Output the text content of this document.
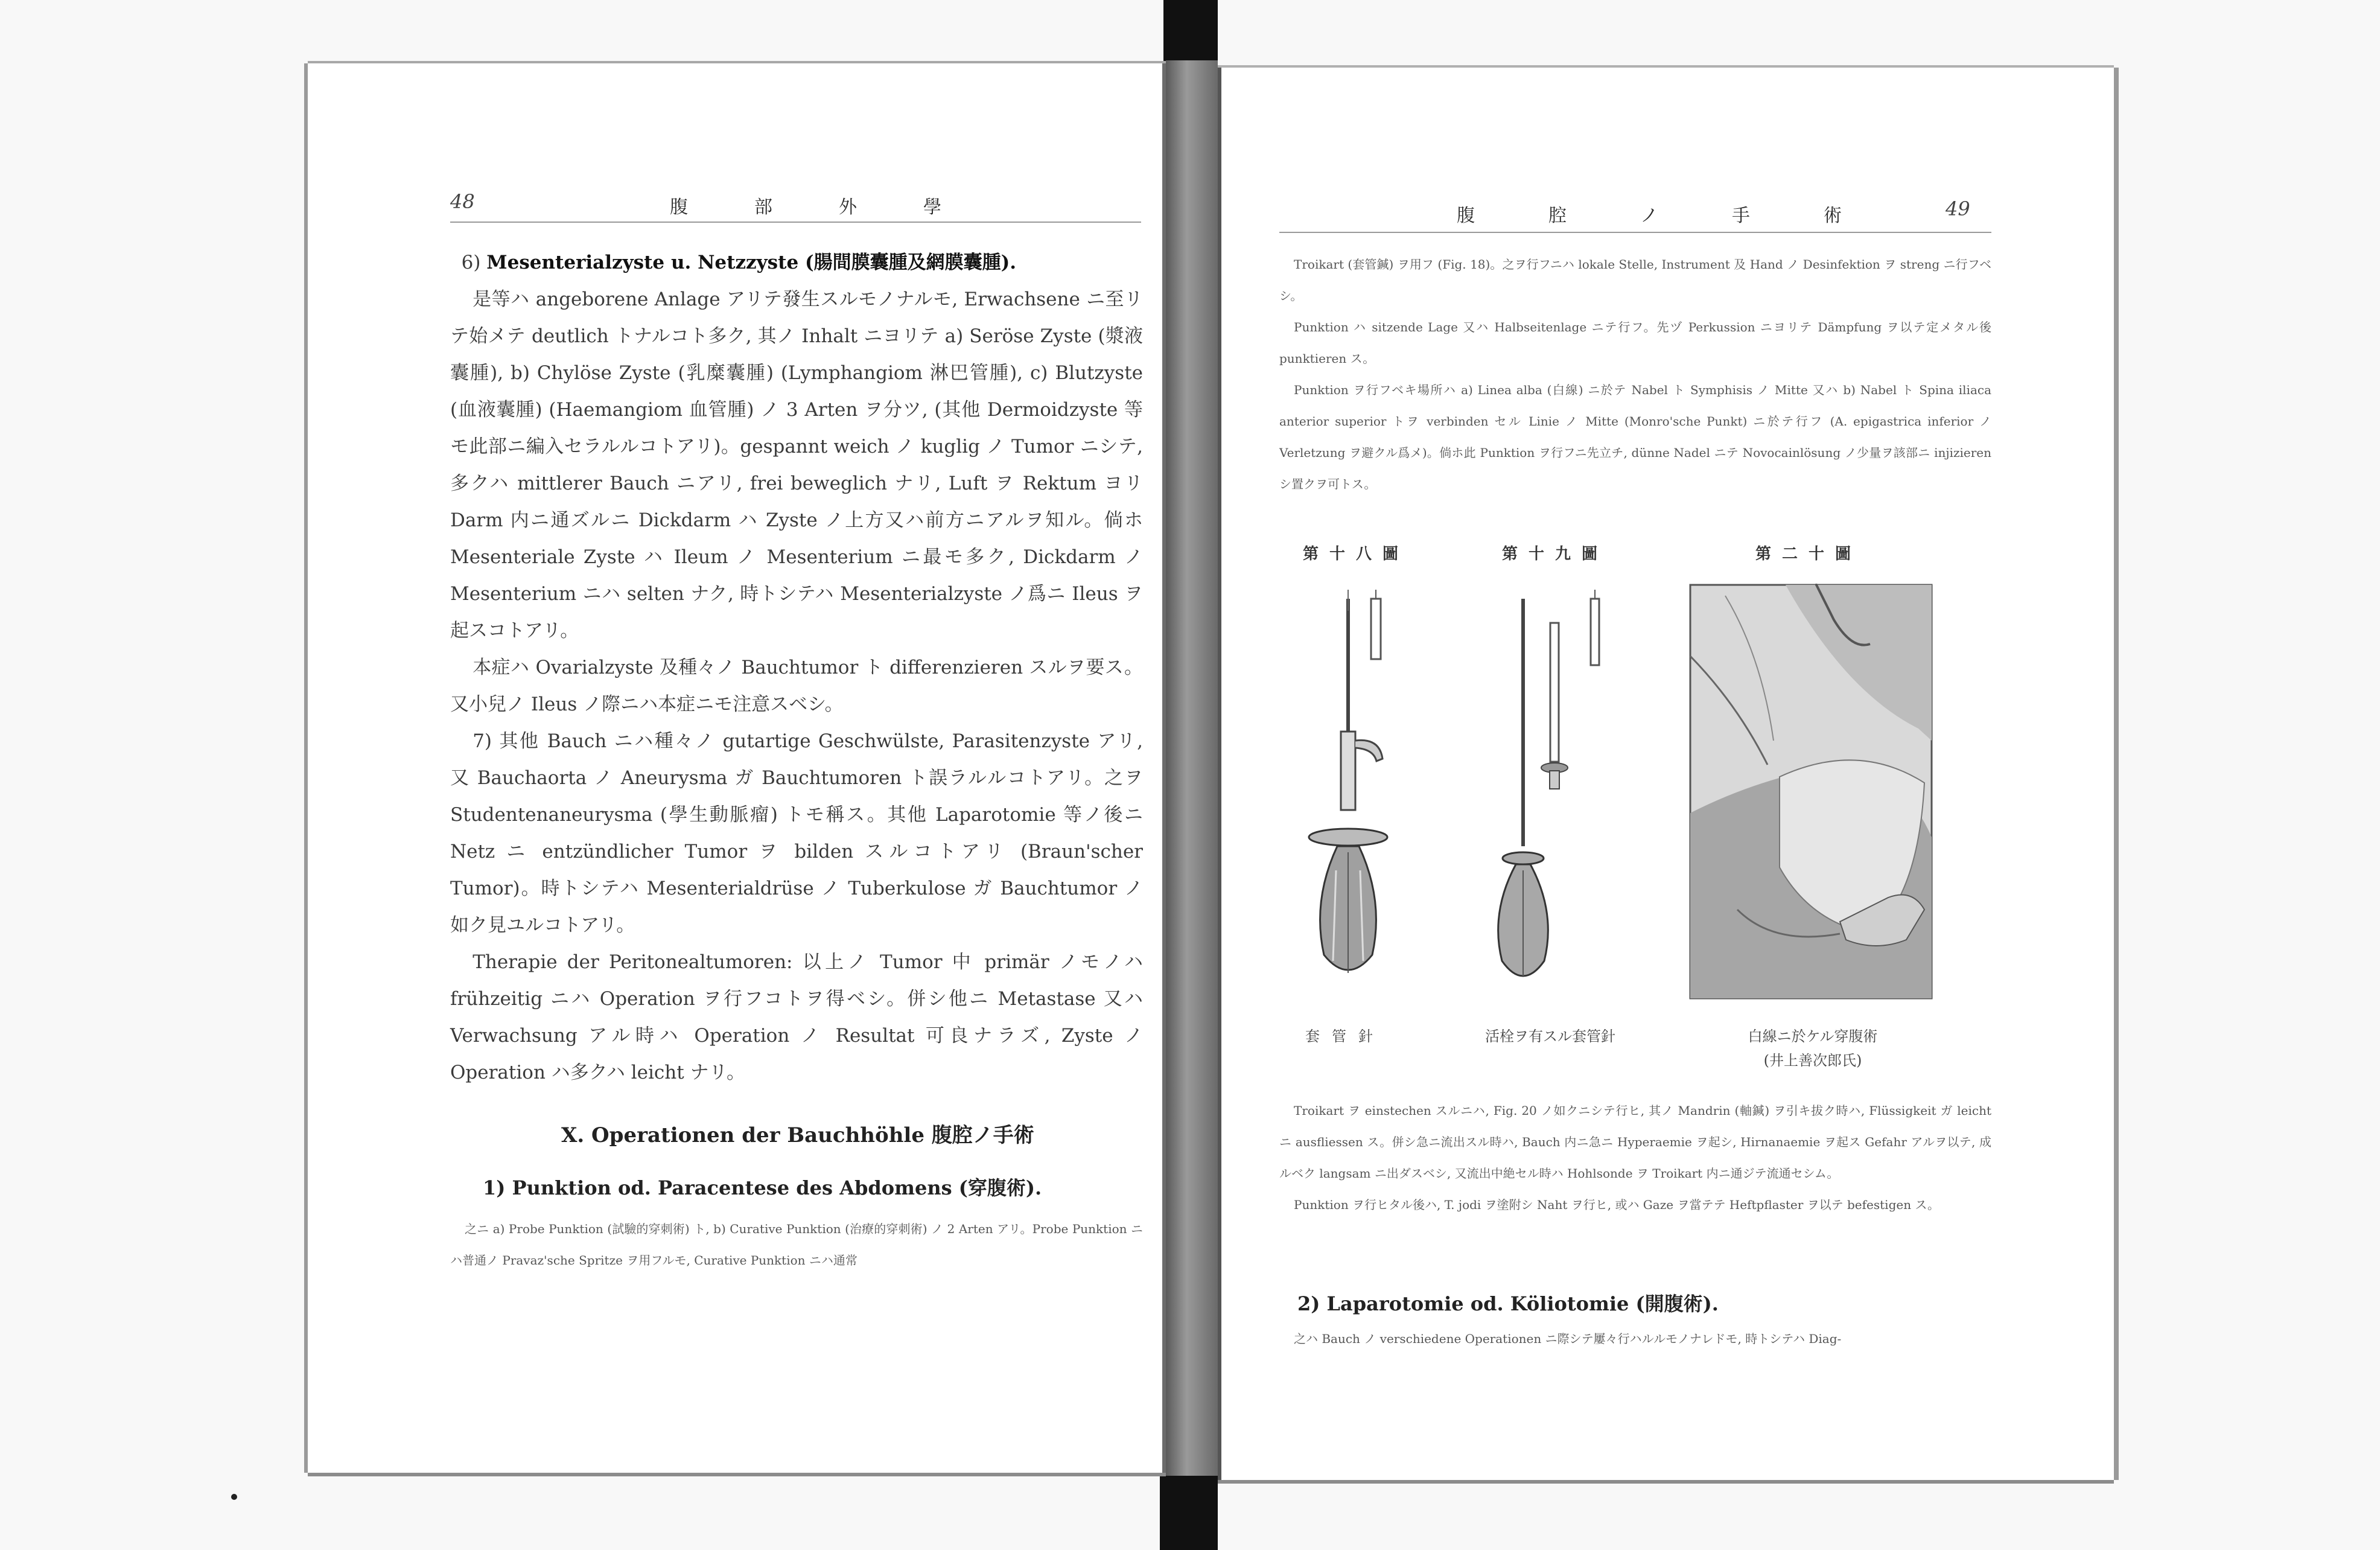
48	腹　部　外　學

6) Mesenterialzyste u. Netzzyste (腸間膜囊腫及網膜囊腫).

是等ハ angeborene Anlage アリテ發生スルモノナルモ, Erwachsene ニ至リテ始メテ deutlich トナルコト多ク, 其ノ Inhalt ニヨリテ a) Seröse Zyste (漿液囊腫), b) Chylöse Zyste (乳糜囊腫) (Lymphangiom 淋巴管腫), c) Blutzyste (血液囊腫) (Haemangiom 血管腫) ノ 3 Arten ヲ分ツ, (其他 Dermoidzyste 等モ此部ニ編入セラルルコトアリ)。gespannt weich ノ kuglig ノ Tumor ニシテ, 多クハ mittlerer Bauch ニアリ, frei beweglich ナリ, Luft ヲ Rektum ヨリ Darm 内ニ通ズルニ Dickdarm ハ Zyste ノ上方又ハ前方ニアルヲ知ル。倘ホ Mesenteriale Zyste ハ Ileum ノ Mesenterium ニ最モ多ク, Dickdarm ノ Mesenterium ニハ selten ナク, 時トシテハ Mesenterialzyste ノ爲ニ Ileus ヲ起スコトアリ。

本症ハ Ovarialzyste 及種々ノ Bauchtumor ト differenzieren スルヲ要ス。又小兒ノ Ileus ノ際ニハ本症ニモ注意スベシ。

7) 其他 Bauch ニハ種々ノ gutartige Geschwülste, Parasitenzyste アリ, 又 Bauchaorta ノ Aneurysma ガ Bauchtumoren ト誤ラルルコトアリ。之ヲ Studentenaneurysma (學生動脈瘤) トモ稱ス。其他 Laparotomie 等ノ後ニ Netz ニ entzündlicher Tumor ヲ bilden スルコトアリ (Braun'scher Tumor)。時トシテハ Mesenterialdrüse ノ Tuberkulose ガ Bauchtumor ノ如ク見ユルコトアリ。

Therapie der Peritonealtumoren: 以上ノ Tumor 中 primär ノモノハ frühzeitig ニハ Operation ヲ行フコトヲ得ベシ。併シ他ニ Metastase 又ハ Verwachsung アル時ハ Operation ノ Resultat 可良ナラズ, Zyste ノ Operation ハ多クハ leicht ナリ。

X. Operationen der Bauchhöhle 腹腔ノ手術
1) Punktion od. Paracentese des Abdomens (穿腹術).

之ニ a) Probe Punktion (試驗的穿刺術) ト, b) Curative Punktion (治療的穿刺術) ノ 2 Arten アリ。Probe Punktion ニハ普通ノ Pravaz'sche Spritze ヲ用フルモ, Curative Punktion ニハ通常

腹　腔　ノ　手　術	49

Troikart (套管鍼) ヲ用フ (Fig. 18)。之ヲ行フニハ lokale Stelle, Instrument 及 Hand ノ Desinfektion ヲ streng ニ行フベシ。

Punktion ハ sitzende Lage 又ハ Halbseitenlage ニテ行フ。先ヅ Perkussion ニヨリテ Dämpfung ヲ以テ定メタル後 punktieren ス。

Punktion ヲ行フベキ場所ハ a) Linea alba (白線) ニ於テ Nabel ト Symphisis ノ Mitte 又ハ b) Nabel ト Spina iliaca anterior superior トヲ verbinden セル Linie ノ Mitte (Monro'sche Punkt) ニ於テ行フ (A. epigastrica inferior ノ Verletzung ヲ避クル爲メ)。倘ホ此 Punktion ヲ行フニ先立チ, dünne Nadel ニテ Novocainlösung ノ少量ヲ該部ニ injizieren シ置クヲ可トス。

第十八圖
套管針
第十九圖
活栓ヲ有スル套管針
第二十圖
白線ニ於ケル穿腹術
(井上善次郎氏)

Troikart ヲ einstechen スルニハ, Fig. 20 ノ如クニシテ行ヒ, 其ノ Mandrin (軸鍼) ヲ引キ拔ク時ハ, Flüssigkeit ガ leicht ニ ausfliessen ス。併シ急ニ流出スル時ハ, Bauch 内ニ急ニ Hyperaemie ヲ起シ, Hirnanaemie ヲ起ス Gefahr アルヲ以テ, 成ルベク langsam ニ出ダスベシ, 又流出中絶セル時ハ Hohlsonde ヲ Troikart 内ニ通ジテ流通セシム。

Punktion ヲ行ヒタル後ハ, T. jodi ヲ塗附シ Naht ヲ行ヒ, 或ハ Gaze ヲ當テテ Heftpflaster ヲ以テ befestigen ス。

2) Laparotomie od. Köliotomie (開腹術).

之ハ Bauch ノ verschiedene Operationen ニ際シテ屢々行ハルルモノナレドモ, 時トシテハ Diag-
